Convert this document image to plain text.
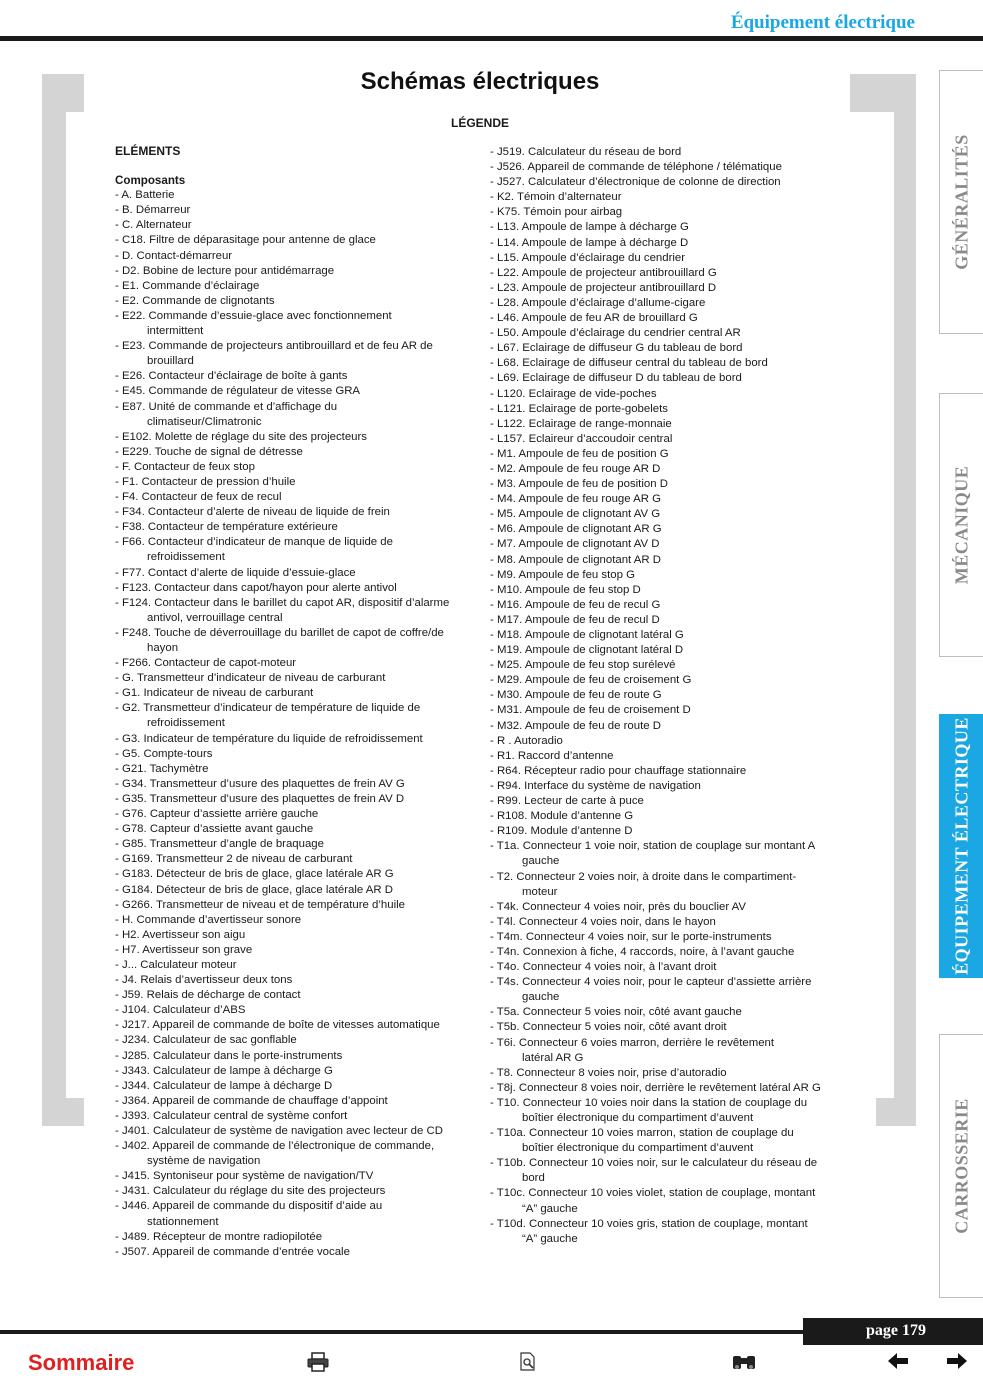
Équipement électrique
Schémas électriques
LÉGENDE
ELÉMENTS
Composants
- A. Batterie
- B. Démarreur
- C. Alternateur
- C18. Filtre de déparasitage pour antenne de glace
- D. Contact-démarreur
- D2. Bobine de lecture pour antidémarrage
- E1. Commande d’éclairage
- E2. Commande de clignotants
- E22. Commande d’essuie-glace avec fonctionnement
intermittent
- E23. Commande de projecteurs antibrouillard et de feu AR de
brouillard
- E26. Contacteur d’éclairage de boîte à gants
- E45. Commande de régulateur de vitesse GRA
- E87. Unité de commande et d’affichage du
climatiseur/Climatronic
- E102. Molette de réglage du site des projecteurs
- E229. Touche de signal de détresse
- F. Contacteur de feux stop
- F1. Contacteur de pression d’huile
- F4. Contacteur de feux de recul
- F34. Contacteur d’alerte de niveau de liquide de frein
- F38. Contacteur de température extérieure
- F66. Contacteur d’indicateur de manque de liquide de
refroidissement
- F77. Contact d’alerte de liquide d’essuie-glace
- F123. Contacteur dans capot/hayon pour alerte antivol
- F124. Contacteur dans le barillet du capot AR, dispositif d’alarme
antivol, verrouillage central
- F248. Touche de déverrouillage du barillet de capot de coffre/de
hayon
- F266. Contacteur de capot-moteur
- G. Transmetteur d’indicateur de niveau de carburant
- G1. Indicateur de niveau de carburant
- G2. Transmetteur d’indicateur de température de liquide de
refroidissement
- G3. Indicateur de température du liquide de refroidissement
- G5. Compte-tours
- G21. Tachymètre
- G34. Transmetteur d’usure des plaquettes de frein AV G
- G35. Transmetteur d’usure des plaquettes de frein AV D
- G76. Capteur d’assiette arrière gauche
- G78. Capteur d’assiette avant gauche
- G85. Transmetteur d’angle de braquage
- G169. Transmetteur 2 de niveau de carburant
- G183. Détecteur de bris de glace, glace latérale AR G
- G184. Détecteur de bris de glace, glace latérale AR D
- G266. Transmetteur de niveau et de température d’huile
- H. Commande d’avertisseur sonore
- H2. Avertisseur son aigu
- H7. Avertisseur son grave
- J... Calculateur moteur
- J4. Relais d’avertisseur deux tons
- J59. Relais de décharge de contact
- J104. Calculateur d’ABS
- J217. Appareil de commande de boîte de vitesses automatique
- J234. Calculateur de sac gonflable
- J285. Calculateur dans le porte-instruments
- J343. Calculateur de lampe à décharge G
- J344. Calculateur de lampe à décharge D
- J364. Appareil de commande de chauffage d’appoint
- J393. Calculateur central de système confort
- J401. Calculateur de système de navigation avec lecteur de CD
- J402. Appareil de commande de l’électronique de commande,
système de navigation
- J415. Syntoniseur pour système de navigation/TV
- J431. Calculateur du réglage du site des projecteurs
- J446. Appareil de commande du dispositif d’aide au
stationnement
- J489. Récepteur de montre radiopilotée
- J507. Appareil de commande d’entrée vocale
- J519. Calculateur du réseau de bord
- J526. Appareil de commande de téléphone / télématique
- J527. Calculateur d’électronique de colonne de direction
- K2. Témoin d’alternateur
- K75. Témoin pour airbag
- L13. Ampoule de lampe à décharge G
- L14. Ampoule de lampe à décharge D
- L15. Ampoule d’éclairage du cendrier
- L22. Ampoule de projecteur antibrouillard G
- L23. Ampoule de projecteur antibrouillard D
- L28. Ampoule d’éclairage d’allume-cigare
- L46. Ampoule de feu AR de brouillard G
- L50. Ampoule d’éclairage du cendrier central AR
- L67. Eclairage de diffuseur G du tableau de bord
- L68. Eclairage de diffuseur central du tableau de bord
- L69. Eclairage de diffuseur D du tableau de bord
- L120. Eclairage de vide-poches
- L121. Eclairage de porte-gobelets
- L122. Eclairage de range-monnaie
- L157. Eclaireur d’accoudoir central
- M1. Ampoule de feu de position G
- M2. Ampoule de feu rouge AR D
- M3. Ampoule de feu de position D
- M4. Ampoule de feu rouge AR G
- M5. Ampoule de clignotant AV G
- M6. Ampoule de clignotant AR G
- M7. Ampoule de clignotant AV D
- M8. Ampoule de clignotant AR D
- M9. Ampoule de feu stop G
- M10. Ampoule de feu stop D
- M16. Ampoule de feu de recul G
- M17. Ampoule de feu de recul D
- M18. Ampoule de clignotant latéral G
- M19. Ampoule de clignotant latéral D
- M25. Ampoule de feu stop surélevé
- M29. Ampoule de feu de croisement G
- M30. Ampoule de feu de route G
- M31. Ampoule de feu de croisement D
- M32. Ampoule de feu de route D
- R . Autoradio
- R1. Raccord d’antenne
- R64. Récepteur radio pour chauffage stationnaire
- R94. Interface du système de navigation
- R99. Lecteur de carte à puce
- R108. Module d’antenne G
- R109. Module d’antenne D
- T1a. Connecteur 1 voie noir, station de couplage sur montant A
gauche
- T2. Connecteur 2 voies noir, à droite dans le compartiment-
moteur
- T4k. Connecteur 4 voies noir, près du bouclier AV
- T4l. Connecteur 4 voies noir, dans le hayon
- T4m. Connecteur 4 voies noir, sur le porte-instruments
- T4n. Connexion à fiche, 4 raccords, noire, à l’avant gauche
- T4o. Connecteur 4 voies noir, à l’avant droit
- T4s. Connecteur 4 voies noir, pour le capteur d’assiette arrière
gauche
- T5a. Connecteur 5 voies noir, côté avant gauche
- T5b. Connecteur 5 voies noir, côté avant droit
- T6i. Connecteur 6 voies marron, derrière le revêtement
latéral AR G
- T8. Connecteur 8 voies noir, prise d’autoradio
- T8j. Connecteur 8 voies noir, derrière le revêtement latéral AR G
- T10. Connecteur 10 voies noir dans la station de couplage du
boîtier électronique du compartiment d’auvent
- T10a. Connecteur 10 voies marron, station de couplage du
boîtier électronique du compartiment d’auvent
- T10b. Connecteur 10 voies noir, sur le calculateur du réseau de
bord
- T10c. Connecteur 10 voies violet, station de couplage, montant
“A” gauche
- T10d. Connecteur 10 voies gris, station de couplage, montant
“A” gauche
GÉNÉRALITÉS
MÉCANIQUE
ÉQUIPEMENT ÉLECTRIQUE
CARROSSERIE
page 179
Sommaire
